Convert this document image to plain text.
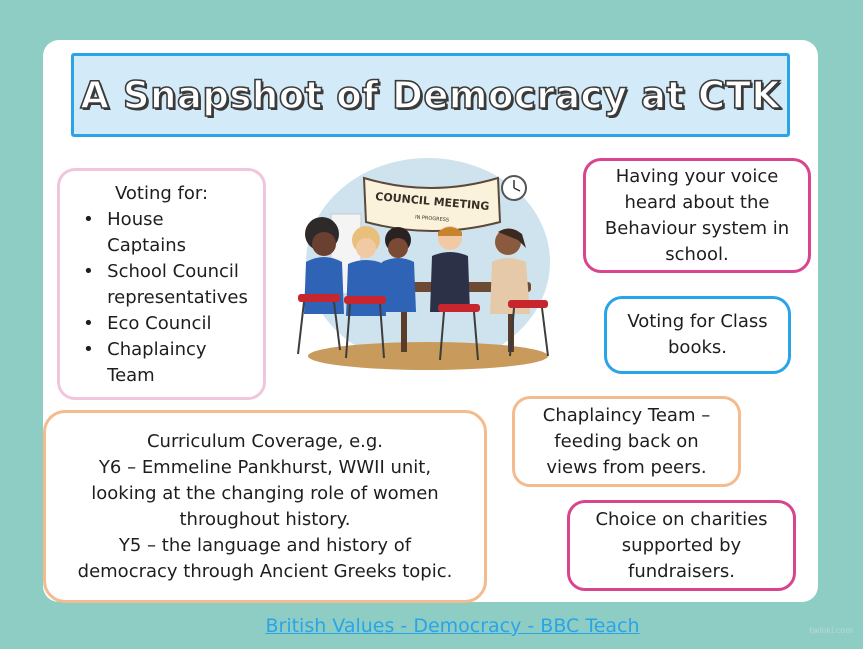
A Snapshot of Democracy at CTK
Voting for:
• House
Captains
• School Council
representatives
• Eco Council
• Chaplaincy
Team
COUNCIL MEETING
IN PROGRESS
Having your voice
heard about the
Behaviour system in
school.
Voting for Class
books.
Chaplaincy Team –
feeding back on
views from peers.
Curriculum Coverage, e.g.
Y6 – Emmeline Pankhurst, WWII unit,
looking at the changing role of women
throughout history.
Y5 – the language and history of
democracy through Ancient Greeks topic.
Choice on charities
supported by
fundraisers.
British Values - Democracy - BBC Teach	twinkl.com
